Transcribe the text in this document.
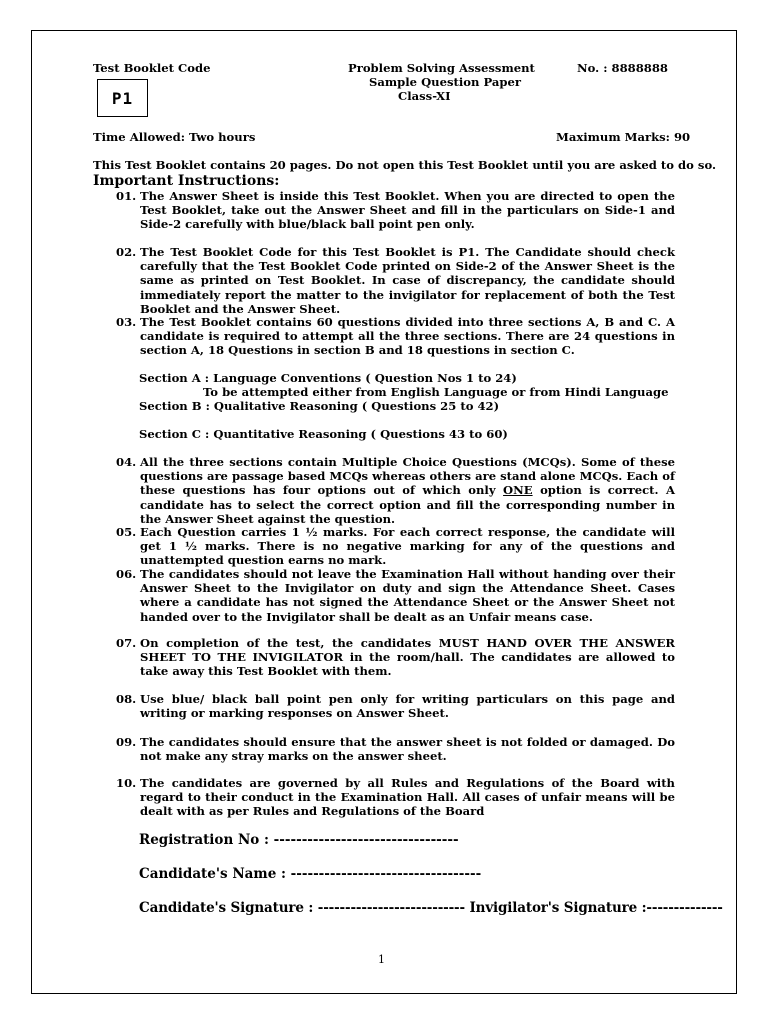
Test Booklet Code
P1
Problem Solving Assessment
Sample Question Paper
Class-XI
No. : 8888888
Time Allowed: Two hours	Maximum Marks: 90
This Test Booklet contains 20 pages. Do not open this Test Booklet until you are asked to do so.
Important Instructions:
01. The Answer Sheet is inside this Test Booklet. When you are directed to open the Test Booklet, take out the Answer Sheet and fill in the particulars on Side-1 and Side-2 carefully with blue/black ball point pen only.
02. The Test Booklet Code for this Test Booklet is P1. The Candidate should check carefully that the Test Booklet Code printed on Side-2 of the Answer Sheet is the same as printed on Test Booklet. In case of discrepancy, the candidate should immediately report the matter to the invigilator for replacement of both the Test Booklet and the Answer Sheet.
03. The Test Booklet contains 60 questions divided into three sections A, B and C. A candidate is required to attempt all the three sections. There are 24 questions in section A, 18 Questions in section B and 18 questions in section C.
Section A : Language Conventions ( Question Nos 1 to 24)
To be attempted either from English Language or from Hindi Language
Section B : Qualitative Reasoning ( Questions 25 to 42)
Section C : Quantitative Reasoning ( Questions 43 to 60)
04. All the three sections contain Multiple Choice Questions (MCQs). Some of these questions are passage based MCQs whereas others are stand alone MCQs. Each of these questions has four options out of which only ONE option is correct. A candidate has to select the correct option and fill the corresponding number in the Answer Sheet against the question.
05. Each Question carries 1 ½ marks. For each correct response, the candidate will get 1 ½ marks. There is no negative marking for any of the questions and unattempted question earns no mark.
06. The candidates should not leave the Examination Hall without handing over their Answer Sheet to the Invigilator on duty and sign the Attendance Sheet. Cases where a candidate has not signed the Attendance Sheet or the Answer Sheet not handed over to the Invigilator shall be dealt as an Unfair means case.
07. On completion of the test, the candidates MUST HAND OVER THE ANSWER SHEET TO THE INVIGILATOR in the room/hall. The candidates are allowed to take away this Test Booklet with them.
08. Use blue/ black ball point pen only for writing particulars on this page and writing or marking responses on Answer Sheet.
09. The candidates should ensure that the answer sheet is not folded or damaged. Do not make any stray marks on the answer sheet.
10. The candidates are governed by all Rules and Regulations of the Board with regard to their conduct in the Examination Hall. All cases of unfair means will be dealt with as per Rules and Regulations of the Board
Registration No : ---------------------------------
Candidate's Name : ----------------------------------
Candidate's Signature : --------------------------- Invigilator's Signature :--------------
1
